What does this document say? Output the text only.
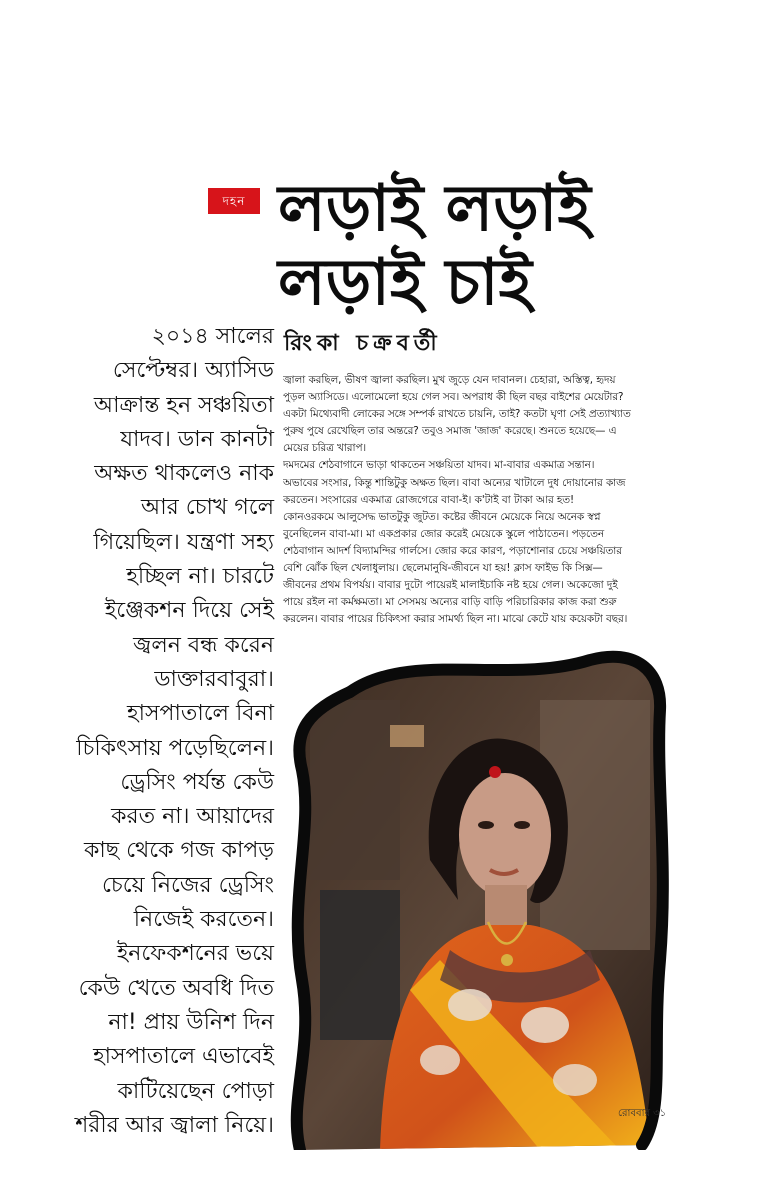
দহন লড়াই লড়াই
লড়াই চাই
রিংকা চক্রবর্তী
২০১৪ সালের
সেপ্টেম্বর। অ্যাসিড
আক্রান্ত হন সঞ্চয়িতা
যাদব। ডান কানটা
অক্ষত থাকলেও নাক
আর চোখ গলে
গিয়েছিল। যন্ত্রণা সহ্য
হচ্ছিল না। চারটে
ইঞ্জেকশন দিয়ে সেই
জ্বলন বন্ধ করেন
ডাক্তারবাবুরা।
হাসপাতালে বিনা
চিকিৎসায় পড়েছিলেন।
ড্রেসিং পর্যন্ত কেউ
করত না। আয়াদের
কাছ থেকে গজ কাপড়
চেয়ে নিজের ড্রেসিং
নিজেই করতেন।
ইনফেকশনের ভয়ে
কেউ খেতে অবধি দিত
না! প্রায় উনিশ দিন
হাসপাতালে এভাবেই
কাটিয়েছেন পোড়া
শরীর আর জ্বালা নিয়ে।
জ্বালা করছিল, ভীষণ জ্বালা করছিল। মুখ জুড়ে যেন দাবানল। চেহারা, অস্তিত্ব, হৃদয়
পুড়ল অ্যাসিডে। এলোমেলো হয়ে গেল সব। অপরাধ কী ছিল বছর বাইশের মেয়েটার?
একটা মিথ্যেবাদী লোকের সঙ্গে সম্পর্ক রাখতে চায়নি, তাই? কতটা ঘৃণা সেই প্রত্যাখ্যাত
পুরুষ পুষে রেখেছিল তার অন্তরে? তবুও সমাজ 'জাজ' করেছে। শুনতে হয়েছে— এ
মেয়ের চরিত্র খারাপ।
দমদমের শেঠবাগানে ভাড়া থাকতেন সঞ্চয়িতা যাদব। মা-বাবার একমাত্র সন্তান।
অভাবের সংসার, কিন্তু শান্তিটুকু অক্ষত ছিল। বাবা অন্যের খাটালে দুধ দোয়ানোর কাজ
করতেন। সংসারের একমাত্র রোজগেরে বাবা-ই। ক'টাই বা টাকা আর হত!
কোনওরকমে আলুসেদ্ধ ভাতটুকু জুটত। কষ্টের জীবনে মেয়েকে নিয়ে অনেক স্বপ্ন
বুনেছিলেন বাবা-মা। মা একপ্রকার জোর করেই মেয়েকে স্কুলে পাঠাতেন। পড়তেন
শেঠবাগান আদর্শ বিদ্যামন্দির গার্লসে। জোর করে কারণ, পড়াশোনার চেয়ে সঞ্চয়িতার
বেশি ঝোঁক ছিল খেলাধুলায়। ছেলেমানুষি-জীবনে যা হয়! ক্লাস ফাইভ কি সিক্স—
জীবনের প্রথম বিপর্যয়। বাবার দুটো পায়েরই মালাইচাকি নষ্ট হয়ে গেল। অকেজো দুই
পায়ে রইল না কর্মক্ষমতা। মা সেসময় অন্যের বাড়ি বাড়ি পরিচারিকার কাজ করা শুরু
করলেন। বাবার পায়ের চিকিৎসা করার সামর্থ্য ছিল না। মাঝে কেটে যায় কয়েকটা বছর।
রোববার ৩১
